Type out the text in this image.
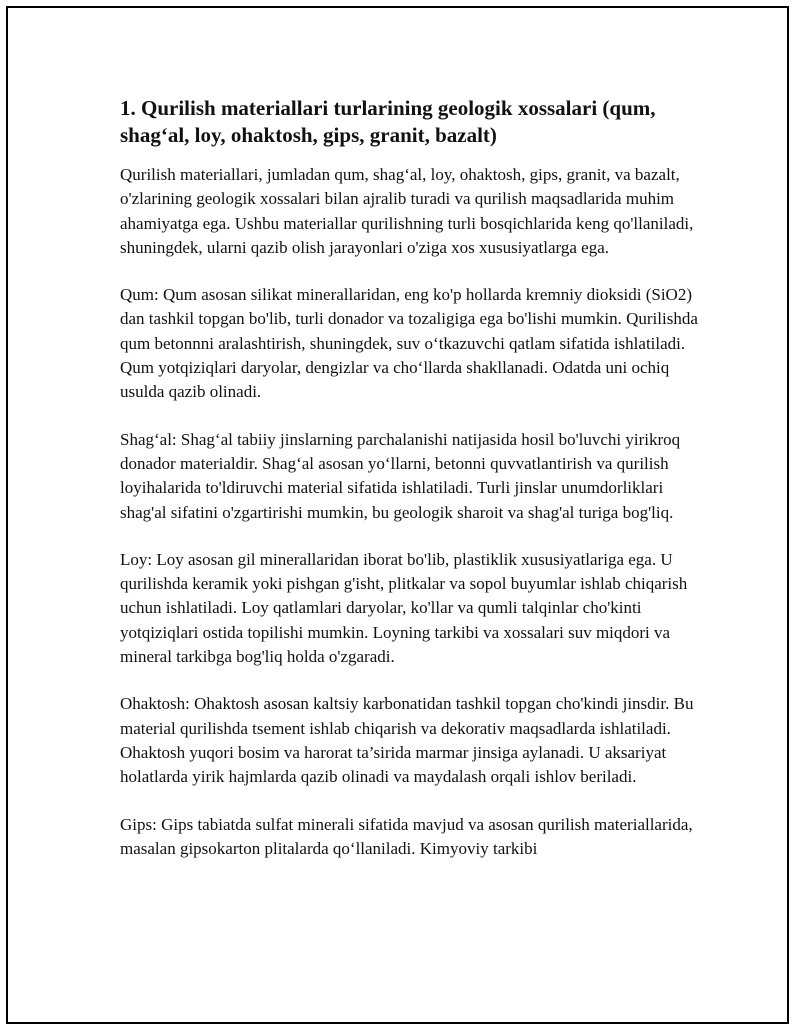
1. Qurilish materiallari turlarining geologik xossalari (qum, shag‘al, loy, ohaktosh, gips, granit, bazalt)

Qurilish materiallari, jumladan qum, shag‘al, loy, ohaktosh, gips, granit, va bazalt, o'zlarining geologik xossalari bilan ajralib turadi va qurilish maqsadlarida muhim ahamiyatga ega. Ushbu materiallar qurilishning turli bosqichlarida keng qo'llaniladi, shuningdek, ularni qazib olish jarayonlari o'ziga xos xususiyatlarga ega.

Qum: Qum asosan silikat minerallaridan, eng ko'p hollarda kremniy dioksidi (SiO2) dan tashkil topgan bo'lib, turli donador va tozaligiga ega bo'lishi mumkin. Qurilishda qum betonnni aralashtirish, shuningdek, suv o‘tkazuvchi qatlam sifatida ishlatiladi. Qum yotqiziqlari daryolar, dengizlar va cho‘llarda shakllanadi. Odatda uni ochiq usulda qazib olinadi.

Shag‘al: Shag‘al tabiiy jinslarning parchalanishi natijasida hosil bo'luvchi yirikroq donador materialdir. Shag‘al asosan yo‘llarni, betonni quvvatlantirish va qurilish loyihalarida to'ldiruvchi material sifatida ishlatiladi. Turli jinslar unumdorliklari shag'al sifatini o'zgartirishi mumkin, bu geologik sharoit va shag'al turiga bog'liq.

Loy: Loy asosan gil minerallaridan iborat bo'lib, plastiklik xususiyatlariga ega. U qurilishda keramik yoki pishgan g'isht, plitkalar va sopol buyumlar ishlab chiqarish uchun ishlatiladi. Loy qatlamlari daryolar, ko'llar va qumli talqinlar cho'kinti yotqiziqlari ostida topilishi mumkin. Loyning tarkibi va xossalari suv miqdori va mineral tarkibga bog'liq holda o'zgaradi.

Ohaktosh: Ohaktosh asosan kaltsiy karbonatidan tashkil topgan cho'kindi jinsdir. Bu material qurilishda tsement ishlab chiqarish va dekorativ maqsadlarda ishlatiladi. Ohaktosh yuqori bosim va harorat ta’sirida marmar jinsiga aylanadi. U aksariyat holatlarda yirik hajmlarda qazib olinadi va maydalash orqali ishlov beriladi.

Gips: Gips tabiatda sulfat minerali sifatida mavjud va asosan qurilish materiallarida, masalan gipsokarton plitalarda qo‘llaniladi. Kimyoviy tarkibi
